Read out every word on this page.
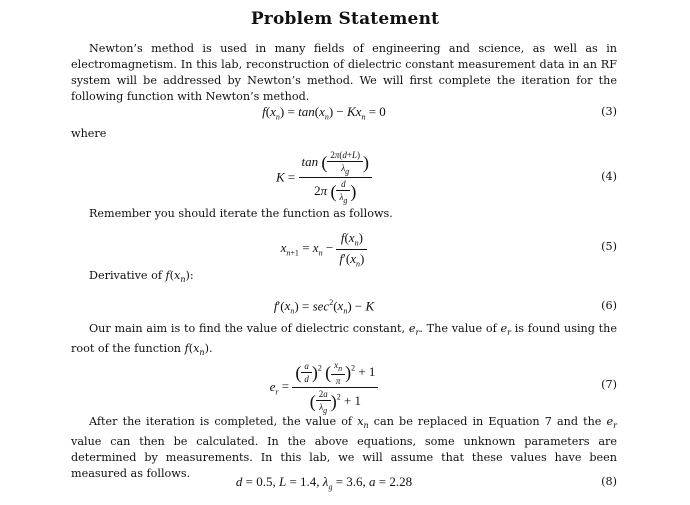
Problem Statement
Newton’s method is used in many fields of engineering and science, as well as in electromagnetism. In this lab, reconstruction of dielectric constant measurement data in an RF system will be addressed by Newton’s method. We will first complete the iteration for the following function with Newton’s method.
$f(x_n) = \tan(x_n) - Kx_n = 0$	(3)
where
$K = \frac{\tan ( \frac{2\pi(d+L)}{\lambda_g} )}{2\pi ( \frac{d}{\lambda_g} )}$	(4)
Remember you should iterate the function as follows.
$x_{n+1} = x_n - \frac{f(x_n)}{f'(x_n)}$	(5)
Derivative of $f(x_n)$:
$f'(x_n) = \sec^2(x_n) - K$	(6)
Our main aim is to find the value of dielectric constant, $e_r$. The value of $e_r$ is found using the root of the function $f(x_n)$.
$e_r = \frac{( \frac{a}{d} )^2 ( \frac{x_n}{\pi} )^2 + 1}{( \frac{2a}{\lambda_g} )^2 + 1}$	(7)
After the iteration is completed, the value of $x_n$ can be replaced in Equation 7 and the $e_r$ value can then be calculated. In the above equations, some unknown parameters are determined by measurements. In this lab, we will assume that these values have been measured as follows.
d = 0.5, L = 1.4, $\lambda_g = 3.6$, a = 2.28	(8)
